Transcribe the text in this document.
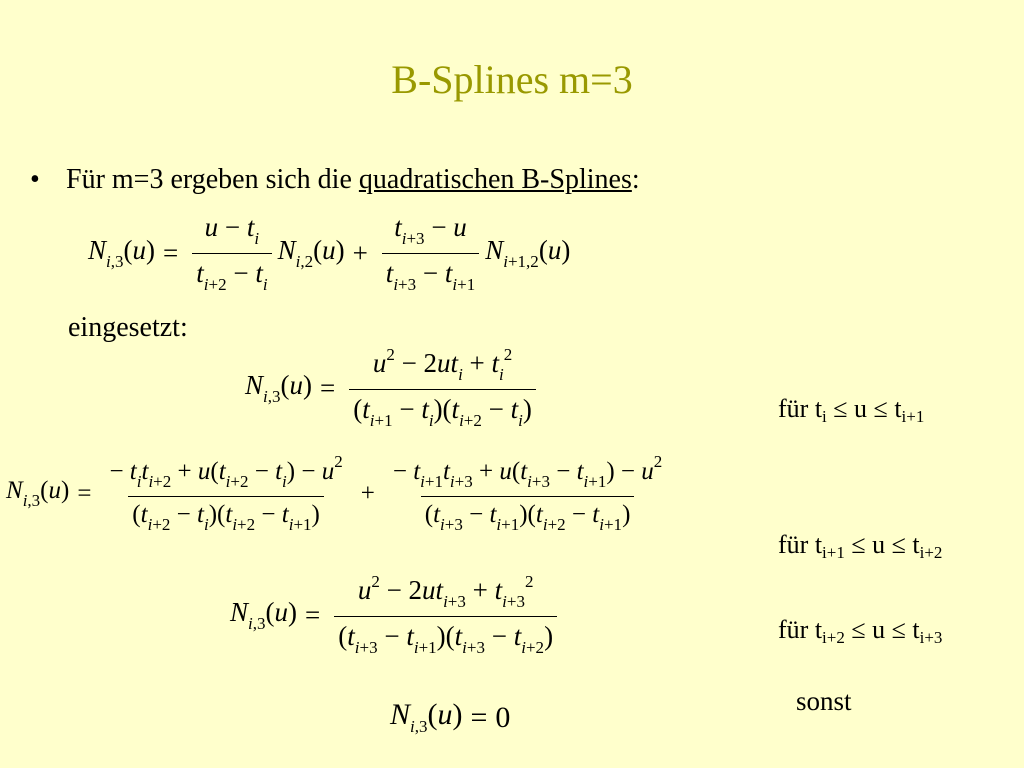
B-Splines m=3
• Für m=3 ergeben sich die quadratischen B-Splines:
$N_{i,3}(u) = \frac{u - t_i}{t_{i+2} - t_i} N_{i,2}(u) + \frac{t_{i+3} - u}{t_{i+3} - t_{i+1}} N_{i+1,2}(u)$
eingesetzt:
$N_{i,3}(u) = \frac{u^2 - 2ut_i + t_i^2}{(t_{i+1} - t_i)(t_{i+2} - t_i)}$	für $t_i \le u \le t_{i+1}$
$N_{i,3}(u) = \frac{- t_it_{i+2} + u(t_{i+2} - t_i) - u^2}{(t_{i+2} - t_i)(t_{i+2} - t_{i+1})} + \frac{- t_{i+1}t_{i+3} + u(t_{i+3} - t_{i+1}) - u^2}{(t_{i+3} - t_{i+1})(t_{i+2} - t_{i+1})}$
für $t_{i+1} \le u \le t_{i+2}$
$N_{i,3}(u) = \frac{u^2 - 2ut_{i+3} + t_{i+3}^2}{(t_{i+3} - t_{i+1})(t_{i+3} - t_{i+2})}$	für $t_{i+2} \le u \le t_{i+3}$
$N_{i,3}(u) = 0$	sonst
